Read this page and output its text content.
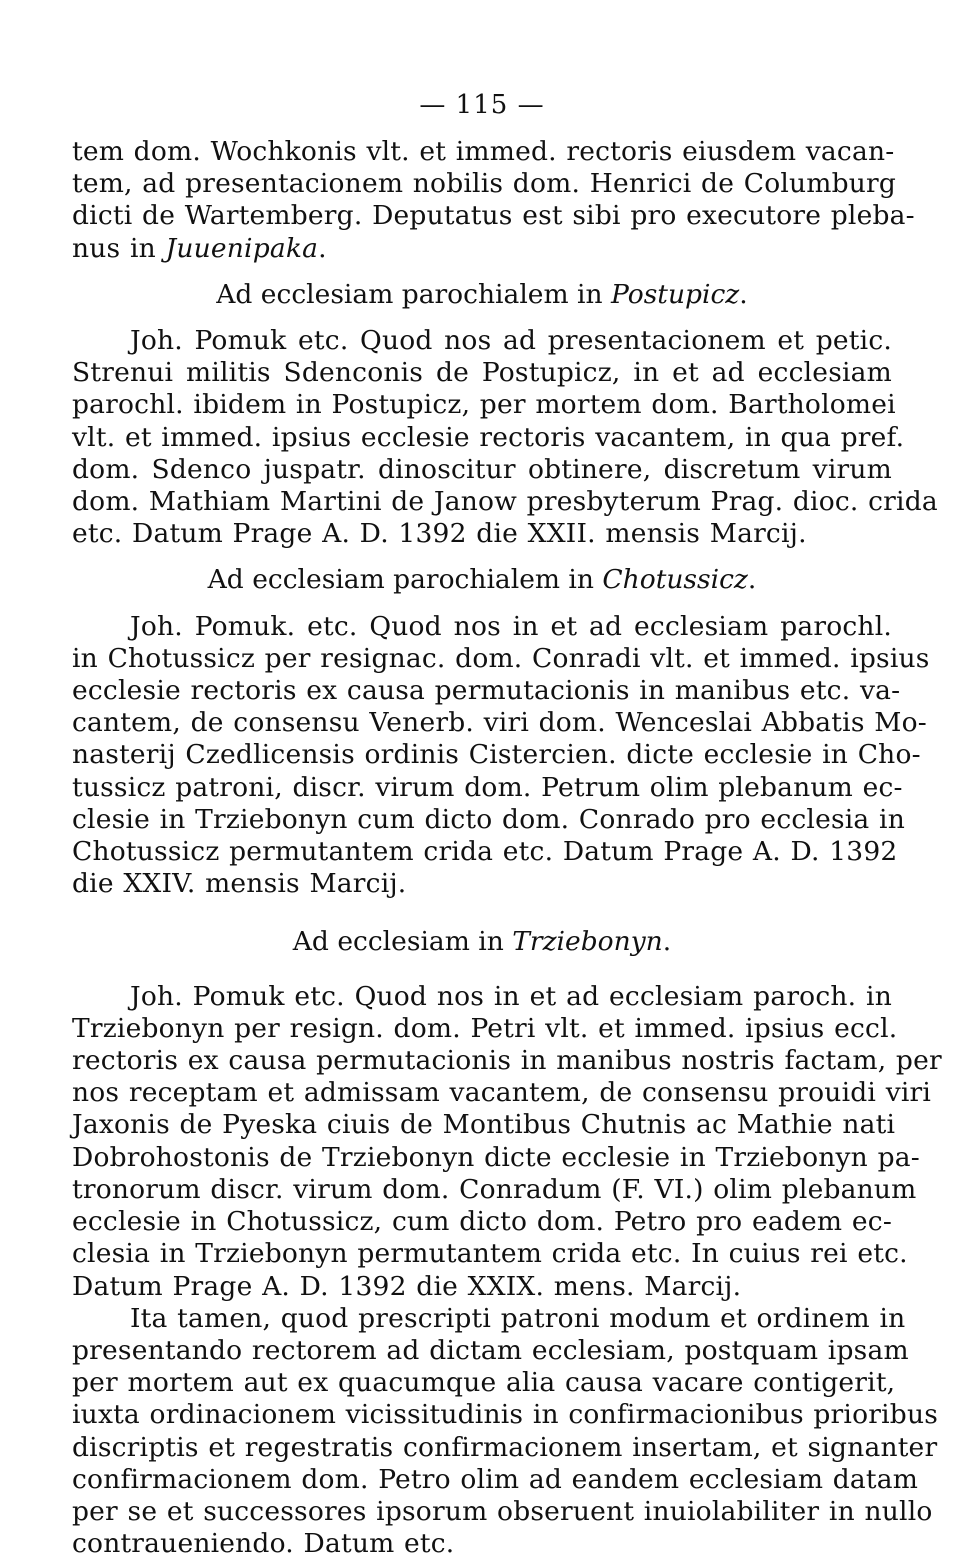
— 115 —
tem dom. Wochkonis vlt. et immed. rectoris eiusdem vacan-
tem, ad presentacionem nobilis dom. Henrici de Columburg
dicti de Wartemberg. Deputatus est sibi pro executore pleba-
nus in Juuenipaka.
Ad ecclesiam parochialem in Postupicz.
Joh. Pomuk etc. Quod nos ad presentacionem et petic.
Strenui militis Sdenconis de Postupicz, in et ad ecclesiam
parochl. ibidem in Postupicz, per mortem dom. Bartholomei
vlt. et immed. ipsius ecclesie rectoris vacantem, in qua pref.
dom. Sdenco juspatr. dinoscitur obtinere, discretum virum
dom. Mathiam Martini de Janow presbyterum Prag. dioc. crida
etc. Datum Prage A. D. 1392 die XXII. mensis Marcij.
Ad ecclesiam parochialem in Chotussicz.
Joh. Pomuk. etc. Quod nos in et ad ecclesiam parochl.
in Chotussicz per resignac. dom. Conradi vlt. et immed. ipsius
ecclesie rectoris ex causa permutacionis in manibus etc. va-
cantem, de consensu Venerb. viri dom. Wenceslai Abbatis Mo-
nasterij Czedlicensis ordinis Cistercien. dicte ecclesie in Cho-
tussicz patroni, discr. virum dom. Petrum olim plebanum ec-
clesie in Trziebonyn cum dicto dom. Conrado pro ecclesia in
Chotussicz permutantem crida etc. Datum Prage A. D. 1392
die XXIV. mensis Marcij.
Ad ecclesiam in Trziebonyn.
Joh. Pomuk etc. Quod nos in et ad ecclesiam paroch. in
Trziebonyn per resign. dom. Petri vlt. et immed. ipsius eccl.
rectoris ex causa permutacionis in manibus nostris factam, per
nos receptam et admissam vacantem, de consensu prouidi viri
Jaxonis de Pyeska ciuis de Montibus Chutnis ac Mathie nati
Dobrohostonis de Trziebonyn dicte ecclesie in Trziebonyn pa-
tronorum discr. virum dom. Conradum (F. VI.) olim plebanum
ecclesie in Chotussicz, cum dicto dom. Petro pro eadem ec-
clesia in Trziebonyn permutantem crida etc. In cuius rei etc.
Datum Prage A. D. 1392 die XXIX. mens. Marcij.
Ita tamen, quod prescripti patroni modum et ordinem in
presentando rectorem ad dictam ecclesiam, postquam ipsam
per mortem aut ex quacumque alia causa vacare contigerit,
iuxta ordinacionem vicissitudinis in confirmacionibus prioribus
discriptis et regestratis confirmacionem insertam, et signanter
confirmacionem dom. Petro olim ad eandem ecclesiam datam
per se et successores ipsorum obseruent inuiolabiliter in nullo
contraueniendo. Datum etc.
